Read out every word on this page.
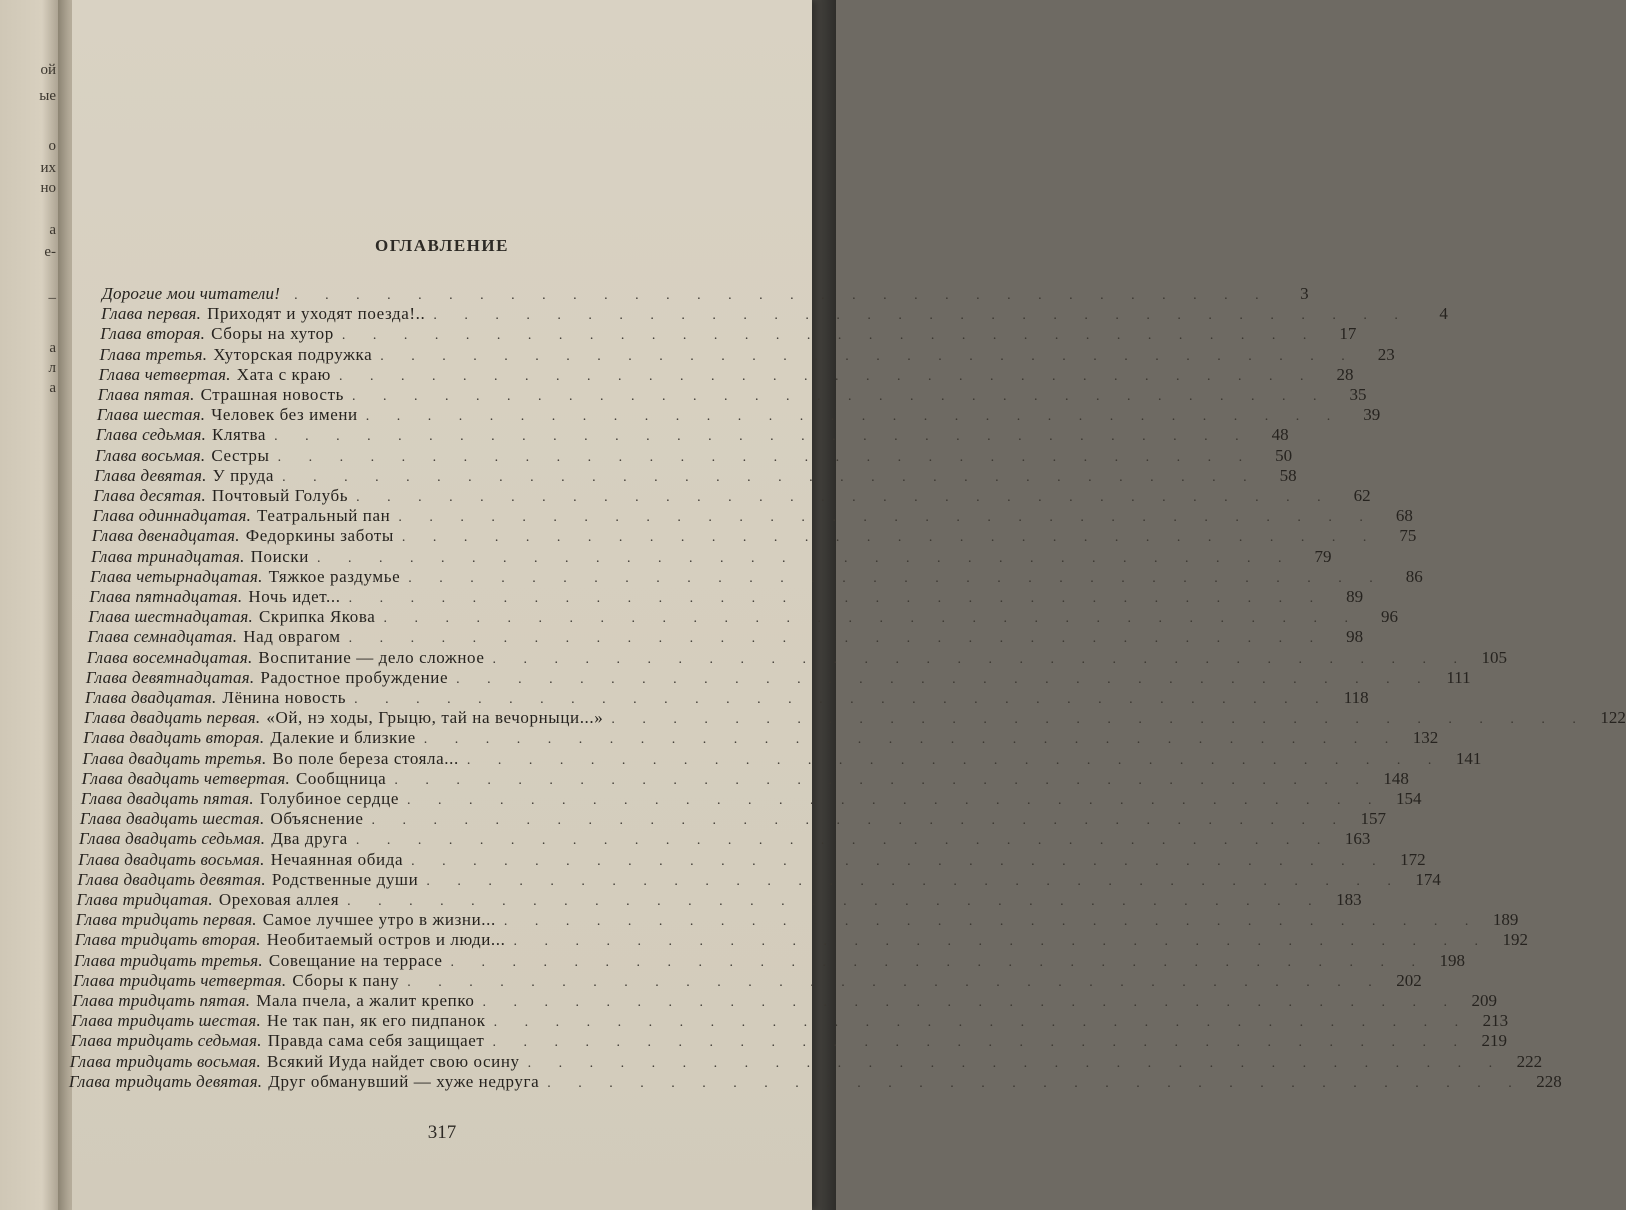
ой
ые
о
их
но
а
е-
–
а
л
а
ОГЛАВЛЕНИЕ
Дорогие мои читатели!	. . . . . . . . . . . . . . . . . . . . . . . . . . . . . . . .	3
Глава первая. Приходят и уходят поезда!.. . . . . . . . . . . . . . . . . . . . . . . . . . . . . . . . .	4
Глава вторая. Сборы на хутор . . . . . . . . . . . . . . . . . . . . . . . . . . . . . . . .	17
Глава третья. Хуторская подружка . . . . . . . . . . . . . . . . . . . . . . . . . . . . . . . .	23
Глава четвертая. Хата с краю . . . . . . . . . . . . . . . . . . . . . . . . . . . . . . . .	28
Глава пятая. Страшная новость . . . . . . . . . . . . . . . . . . . . . . . . . . . . . . . .	35
Глава шестая. Человек без имени . . . . . . . . . . . . . . . . . . . . . . . . . . . . . . . .	39
Глава седьмая. Клятва . . . . . . . . . . . . . . . . . . . . . . . . . . . . . . . .	48
Глава восьмая. Сестры . . . . . . . . . . . . . . . . . . . . . . . . . . . . . . . .	50
Глава девятая. У пруда . . . . . . . . . . . . . . . . . . . . . . . . . . . . . . . .	58
Глава десятая. Почтовый Голубь . . . . . . . . . . . . . . . . . . . . . . . . . . . . . . . .	62
Глава одиннадцатая. Театральный пан . . . . . . . . . . . . . . . . . . . . . . . . . . . . . . . .	68
Глава двенадцатая. Федоркины заботы . . . . . . . . . . . . . . . . . . . . . . . . . . . . . . . .	75
Глава тринадцатая. Поиски . . . . . . . . . . . . . . . . . . . . . . . . . . . . . . . .	79
Глава четырнадцатая. Тяжкое раздумье . . . . . . . . . . . . . . . . . . . . . . . . . . . . . . . .	86
Глава пятнадцатая. Ночь идет... . . . . . . . . . . . . . . . . . . . . . . . . . . . . . . . .	89
Глава шестнадцатая. Скрипка Якова . . . . . . . . . . . . . . . . . . . . . . . . . . . . . . . .	96
Глава семнадцатая. Над оврагом . . . . . . . . . . . . . . . . . . . . . . . . . . . . . . . .	98
Глава восемнадцатая. Воспитание — дело сложное . . . . . . . . . . . . . . . . . . . . . . . . . . . . . . . . 105
Глава девятнадцатая. Радостное пробуждение . . . . . . . . . . . . . . . . . . . . . . . . . . . . . . . . 111
Глава двадцатая. Лёнина новость . . . . . . . . . . . . . . . . . . . . . . . . . . . . . . . . 118
Глава двадцать первая. «Ой, нэ ходы, Грыцю, тай на вечорныци...» . . . . . . . . . . . . . . . . . . . . . . . . . . . . . . . . 122
Глава двадцать вторая. Далекие и близкие . . . . . . . . . . . . . . . . . . . . . . . . . . . . . . . . 132
Глава двадцать третья. Во поле береза стояла... . . . . . . . . . . . . . . . . . . . . . . . . . . . . . . . . 141
Глава двадцать четвертая. Сообщница . . . . . . . . . . . . . . . . . . . . . . . . . . . . . . . . 148
Глава двадцать пятая. Голубиное сердце . . . . . . . . . . . . . . . . . . . . . . . . . . . . . . . . 154
Глава двадцать шестая. Объяснение . . . . . . . . . . . . . . . . . . . . . . . . . . . . . . . . 157
Глава двадцать седьмая. Два друга . . . . . . . . . . . . . . . . . . . . . . . . . . . . . . . . 163
Глава двадцать восьмая. Нечаянная обида . . . . . . . . . . . . . . . . . . . . . . . . . . . . . . . . 172
Глава двадцать девятая. Родственные души . . . . . . . . . . . . . . . . . . . . . . . . . . . . . . . . 174
Глава тридцатая. Ореховая аллея . . . . . . . . . . . . . . . . . . . . . . . . . . . . . . . . 183
Глава тридцать первая. Самое лучшее утро в жизни... . . . . . . . . . . . . . . . . . . . . . . . . . . . . . . . . 189
Глава тридцать вторая. Необитаемый остров и люди... . . . . . . . . . . . . . . . . . . . . . . . . . . . . . . . . 192
Глава тридцать третья. Совещание на террасе . . . . . . . . . . . . . . . . . . . . . . . . . . . . . . . . 198
Глава тридцать четвертая. Сборы к пану . . . . . . . . . . . . . . . . . . . . . . . . . . . . . . . . 202
Глава тридцать пятая. Мала пчела, а жалит крепко . . . . . . . . . . . . . . . . . . . . . . . . . . . . . . . . 209
Глава тридцать шестая. Не так пан, як его пидпанок . . . . . . . . . . . . . . . . . . . . . . . . . . . . . . . . 213
Глава тридцать седьмая. Правда сама себя защищает . . . . . . . . . . . . . . . . . . . . . . . . . . . . . . . . 219
Глава тридцать восьмая. Всякий Иуда найдет свою осину . . . . . . . . . . . . . . . . . . . . . . . . . . . . . . . . 222
Глава тридцать девятая. Друг обманувший — хуже недруга . . . . . . . . . . . . . . . . . . . . . . . . . . . . . . . . 228
317
